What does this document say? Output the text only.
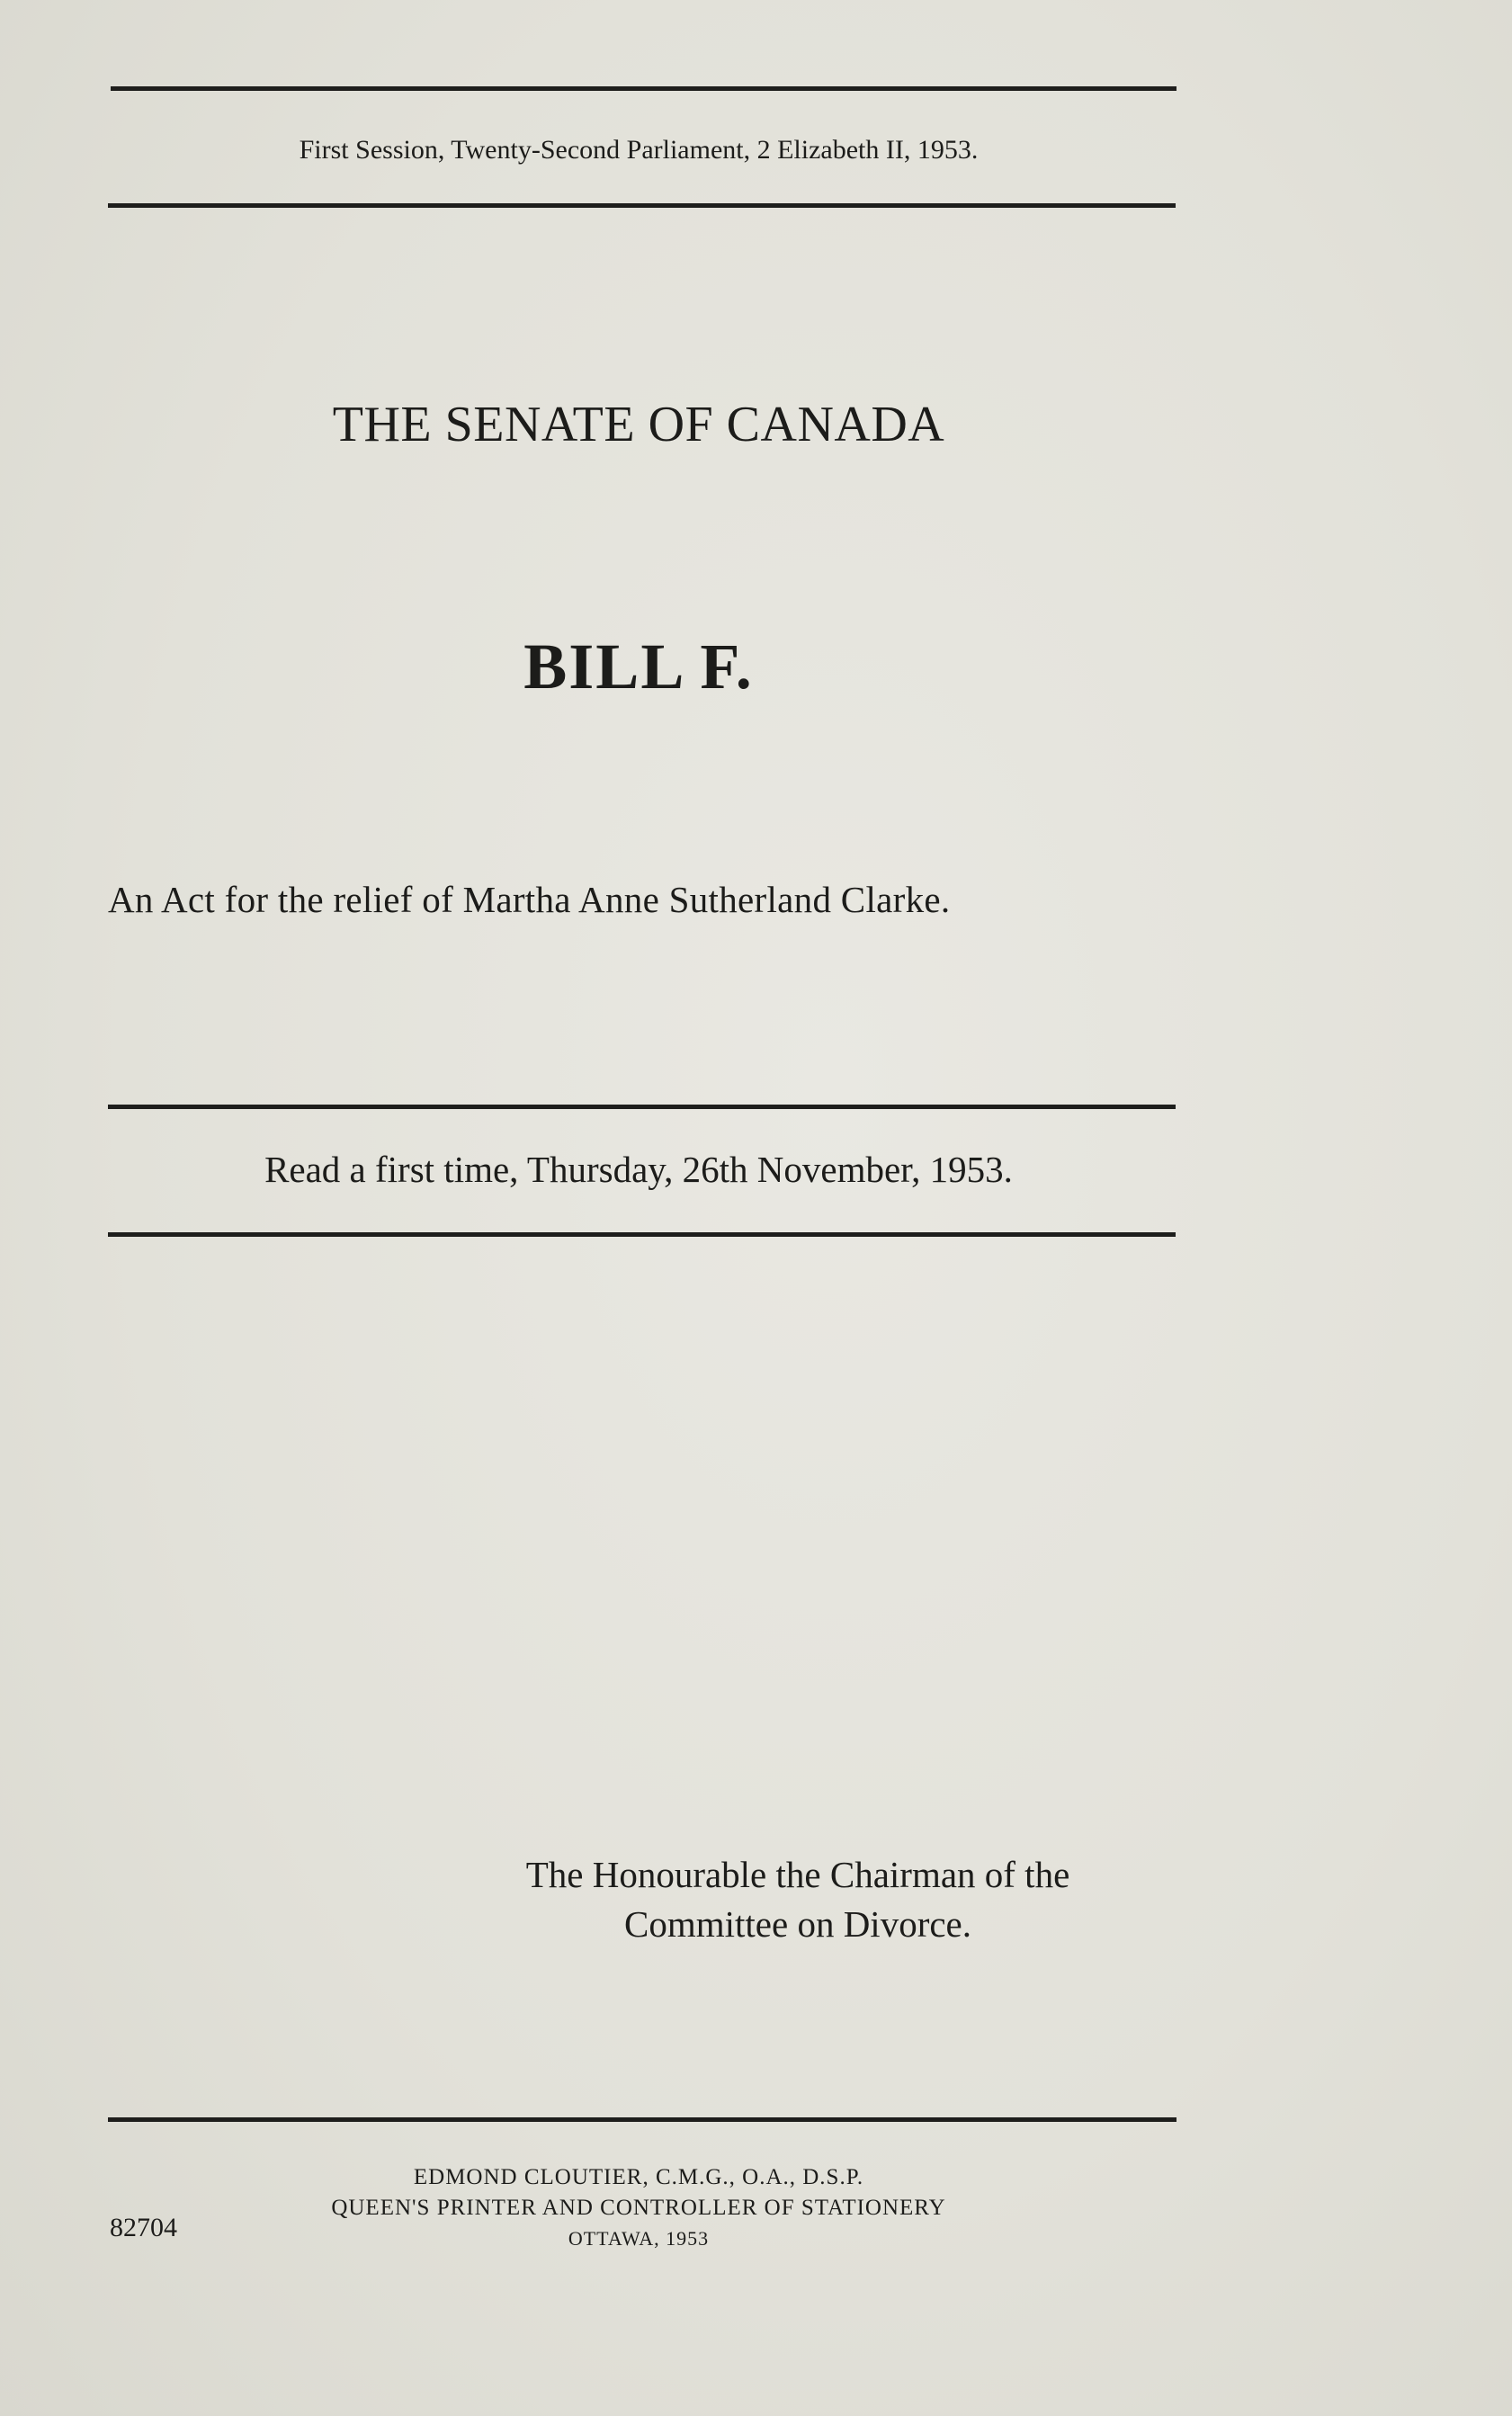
First Session, Twenty-Second Parliament, 2 Elizabeth II, 1953.
THE SENATE OF CANADA
BILL F.
An Act for the relief of Martha Anne Sutherland Clarke.
Read a first time, Thursday, 26th November, 1953.
The Honourable the Chairman of the
Committee on Divorce.
EDMOND CLOUTIER, C.M.G., O.A., D.S.P.
QUEEN'S PRINTER AND CONTROLLER OF STATIONERY
OTTAWA, 1953
82704
